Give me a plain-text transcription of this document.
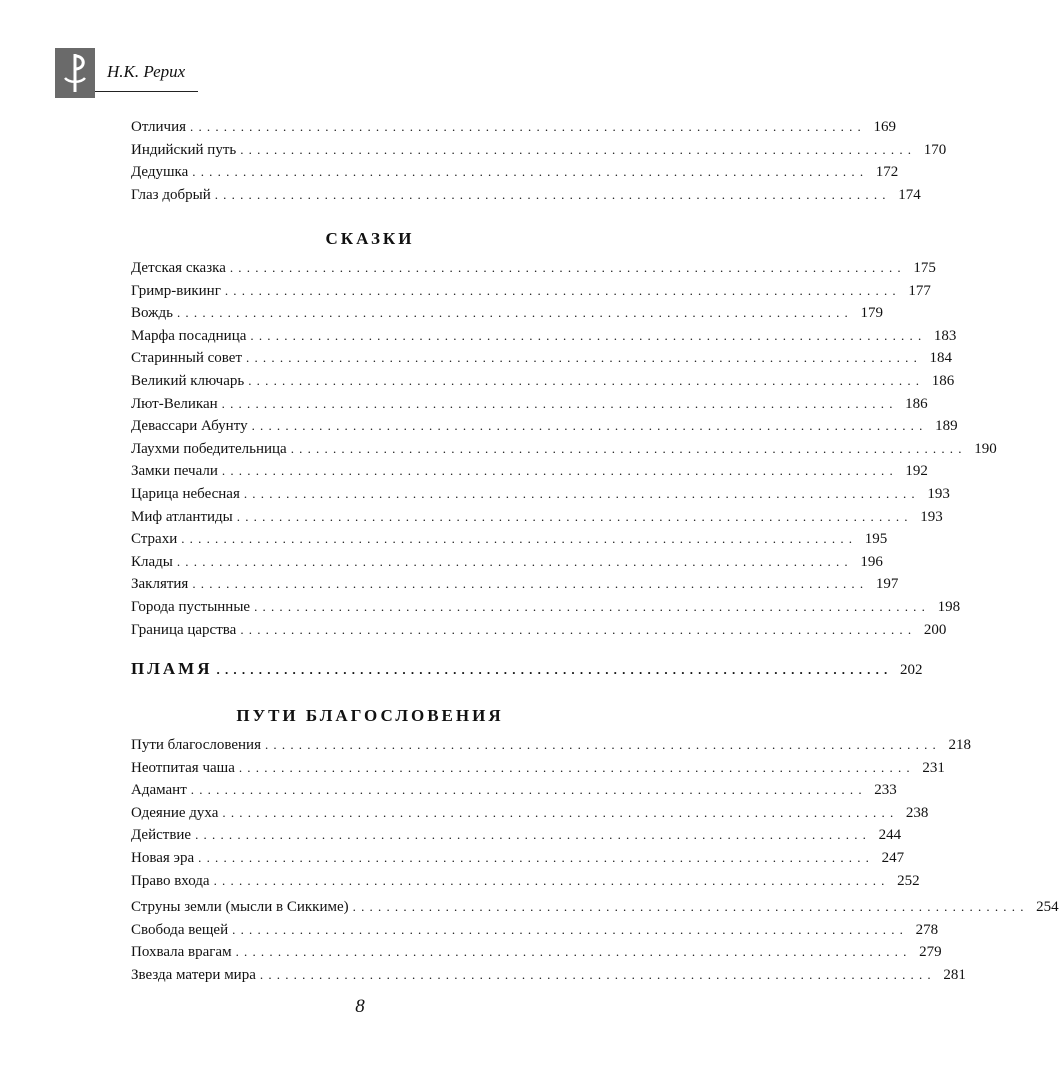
Н.К. Рерих
Отличия ................................................................................ 169
Индийский путь ................................................................................ 170
Дедушка ................................................................................ 172
Глаз добрый ................................................................................ 174
СКАЗКИ
Детская сказка ................................................................................ 175
Гримр-викинг ................................................................................ 177
Вождь ................................................................................ 179
Марфа посадница ................................................................................ 183
Старинный совет ................................................................................ 184
Великий ключарь ................................................................................ 186
Лют-Великан ................................................................................ 186
Девассари Абунту ................................................................................ 189
Лаухми победительница ................................................................................ 190
Замки печали ................................................................................ 192
Царица небесная ................................................................................ 193
Миф атлантиды ................................................................................ 193
Страхи ................................................................................ 195
Клады ................................................................................ 196
Заклятия ................................................................................ 197
Города пустынные ................................................................................ 198
Граница царства ................................................................................ 200
ПЛАМЯ ................................................................................ 202
ПУТИ БЛАГОСЛОВЕНИЯ
Пути благословения ................................................................................ 218
Неотпитая чаша ................................................................................ 231
Адамант ................................................................................ 233
Одеяние духа ................................................................................ 238
Действие ................................................................................ 244
Новая эра ................................................................................ 247
Право входа ................................................................................ 252
Струны земли (мысли в Сиккиме) ................................................................................ 254
Свобода вещей ................................................................................ 278
Похвала врагам ................................................................................ 279
Звезда матери мира ................................................................................ 281
8
